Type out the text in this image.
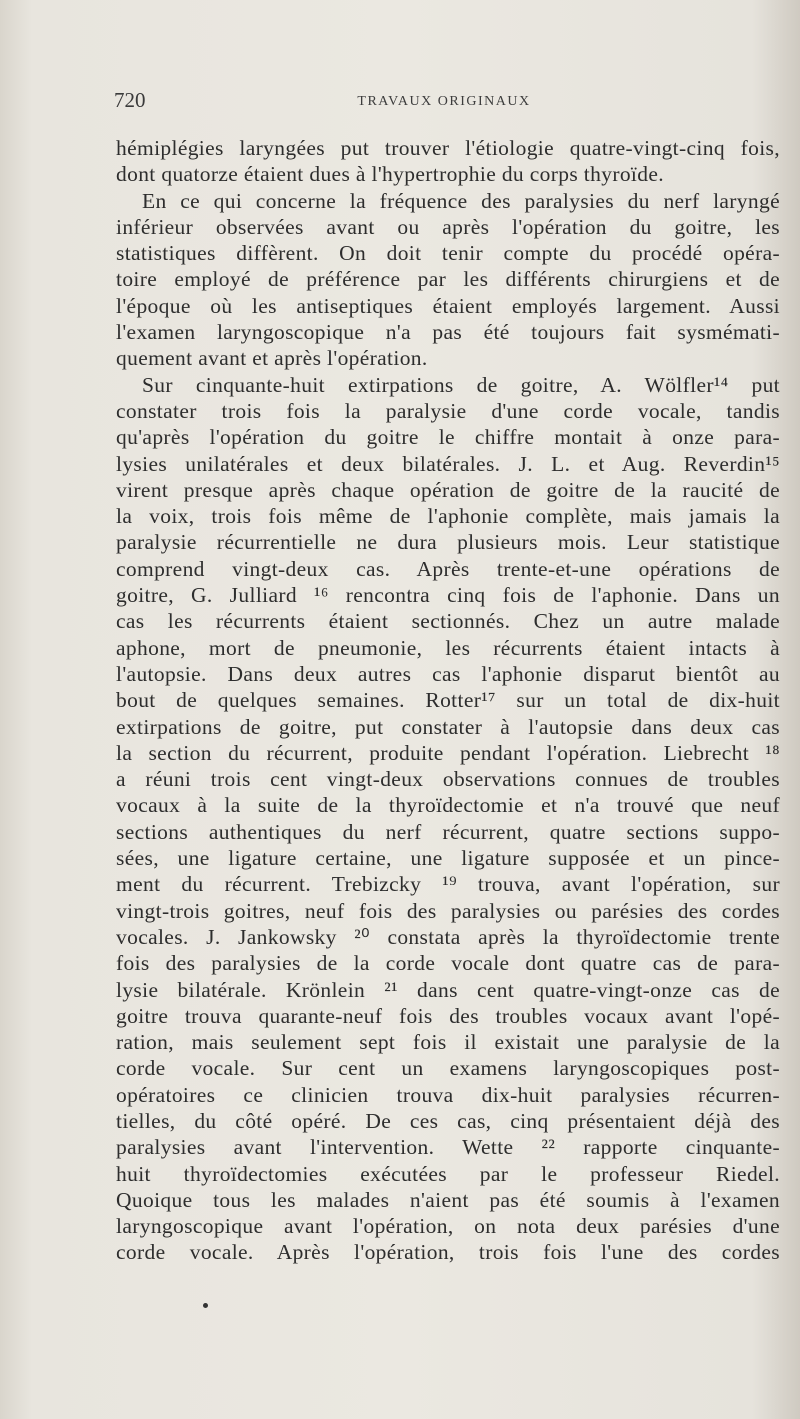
720	TRAVAUX ORIGINAUX
hémiplégies laryngées put trouver l'étiologie quatre-vingt-cinq fois,
dont quatorze étaient dues à l'hypertrophie du corps thyroïde.
En ce qui concerne la fréquence des paralysies du nerf laryngé
inférieur observées avant ou après l'opération du goitre, les
statistiques diffèrent. On doit tenir compte du procédé opéra-
toire employé de préférence par les différents chirurgiens et de
l'époque où les antiseptiques étaient employés largement. Aussi
l'examen laryngoscopique n'a pas été toujours fait sysmémati-
quement avant et après l'opération.
Sur cinquante-huit extirpations de goitre, A. Wölfler¹⁴ put
constater trois fois la paralysie d'une corde vocale, tandis
qu'après l'opération du goitre le chiffre montait à onze para-
lysies unilatérales et deux bilatérales. J. L. et Aug. Reverdin¹⁵
virent presque après chaque opération de goitre de la raucité de
la voix, trois fois même de l'aphonie complète, mais jamais la
paralysie récurrentielle ne dura plusieurs mois. Leur statistique
comprend vingt-deux cas. Après trente-et-une opérations de
goitre, G. Julliard ¹⁶ rencontra cinq fois de l'aphonie. Dans un
cas les récurrents étaient sectionnés. Chez un autre malade
aphone, mort de pneumonie, les récurrents étaient intacts à
l'autopsie. Dans deux autres cas l'aphonie disparut bientôt au
bout de quelques semaines. Rotter¹⁷ sur un total de dix-huit
extirpations de goitre, put constater à l'autopsie dans deux cas
la section du récurrent, produite pendant l'opération. Liebrecht ¹⁸
a réuni trois cent vingt-deux observations connues de troubles
vocaux à la suite de la thyroïdectomie et n'a trouvé que neuf
sections authentiques du nerf récurrent, quatre sections suppo-
sées, une ligature certaine, une ligature supposée et un pince-
ment du récurrent. Trebizcky ¹⁹ trouva, avant l'opération, sur
vingt-trois goitres, neuf fois des paralysies ou parésies des cordes
vocales. J. Jankowsky ²⁰ constata après la thyroïdectomie trente
fois des paralysies de la corde vocale dont quatre cas de para-
lysie bilatérale. Krönlein ²¹ dans cent quatre-vingt-onze cas de
goitre trouva quarante-neuf fois des troubles vocaux avant l'opé-
ration, mais seulement sept fois il existait une paralysie de la
corde vocale. Sur cent un examens laryngoscopiques post-
opératoires ce clinicien trouva dix-huit paralysies récurren-
tielles, du côté opéré. De ces cas, cinq présentaient déjà des
paralysies avant l'intervention. Wette ²² rapporte cinquante-
huit thyroïdectomies exécutées par le professeur Riedel.
Quoique tous les malades n'aient pas été soumis à l'examen
laryngoscopique avant l'opération, on nota deux parésies d'une
corde vocale. Après l'opération, trois fois l'une des cordes
